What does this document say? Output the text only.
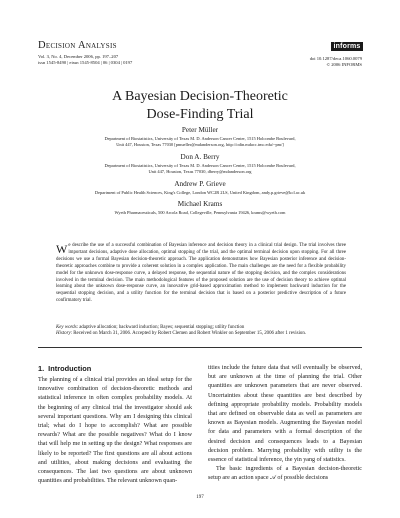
Decision Analysis
Vol. 3, No. 4, December 2006, pp. 197–207
issn 1545-8490 | eissn 1545-8504 | 06 | 0304 | 0197
informs
doi 10.1287/deca.1060.0079
© 2006 INFORMS
A Bayesian Decision-Theoretic
Dose-Finding Trial
Peter Müller
Department of Biostatistics, University of Texas M. D. Anderson Cancer Center, 1515 Holcombe Boulevard,
Unit 447, Houston, Texas 77030 [pmueller@mdanderson.org, http://odin.mdacc.tmc.edu/~pm/]
Don A. Berry
Department of Biostatistics, University of Texas M. D. Anderson Cancer Center, 1515 Holcombe Boulevard,
Unit 447, Houston, Texas 77030, dberry@mdanderson.org
Andrew P. Grieve
Department of Public Health Sciences, King's College, London WC2R 2LS, United Kingdom, andy.p.grieve@kcl.ac.uk
Michael Krams
Wyeth Pharmaceuticals, 500 Arcola Road, Collegeville, Pennsylvania 19426, krams@wyeth.com
We describe the use of a successful combination of Bayesian inference and decision theory in a clinical trial design. The trial involves three important decisions, adaptive dose allocation, optimal stopping of the trial, and the optimal terminal decision upon stopping. For all three decisions we use a formal Bayesian decision-theoretic approach. The application demonstrates how Bayesian posterior inference and decision-theoretic approaches combine to provide a coherent solution in a complex application. The main challenges are the need for a flexible probability model for the unknown dose-response curve, a delayed response, the sequential nature of the stopping decision, and the complex considerations involved in the terminal decision. The main methodological features of the proposed solution are the use of decision theory to achieve optimal learning about the unknown dose-response curve, an innovative grid-based approximation method to implement backward induction for the sequential stopping decision, and a utility function for the terminal decision that is based on a posterior predictive description of a future confirmatory trial.
Key words: adaptive allocation; backward induction; Bayes; sequential stopping; utility function
History: Received on March 31, 2006. Accepted by Robert Clemen and Robert Winkler on September 15, 2006 after 1 revision.
1. Introduction
The planning of a clinical trial provides an ideal setup for the innovative combination of decision-theoretic methods and statistical inference in often complex probability models. At the beginning of any clinical trial the investigator should ask several important questions. Why am I designing this clinical trial; what do I hope to accomplish? What are possible rewards? What are the possible negatives? What do I know that will help me in setting up the design? What responses are likely to be reported? The first questions are all about actions and utilities, about making decisions and evaluating the consequences. The last two questions are about unknown quantities and probabilities. The relevant unknown quan-
tities include the future data that will eventually be observed, but are unknown at the time of planning the trial. Other quantities are unknown parameters that are never observed. Uncertainties about these quantities are best described by defining appropriate probability models. Probability models that are defined on observable data as well as parameters are known as Bayesian models. Augmenting the Bayesian model for data and parameters with a formal description of the desired decision and consequences leads to a Bayesian decision problem. Marrying probability with utility is the essence of statistical inference, the yin yang of statistics.
The basic ingredients of a Bayesian decision-theoretic setup are an action space 𝒜 of possible decisions
197
